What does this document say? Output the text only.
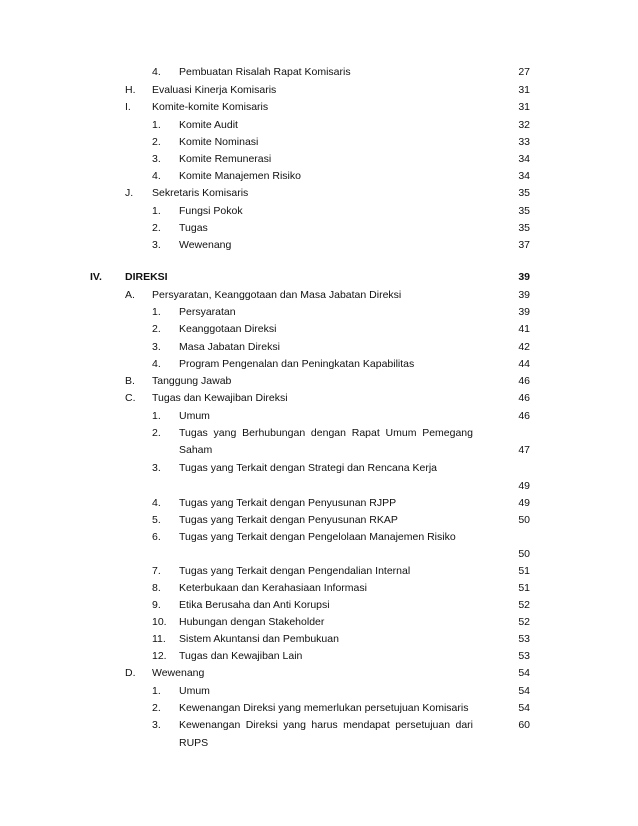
4. Pembuatan Risalah Rapat Komisaris	27
H. Evaluasi Kinerja Komisaris	31
I. Komite-komite Komisaris	31
1. Komite Audit	32
2. Komite Nominasi	33
3. Komite Remunerasi	34
4. Komite Manajemen Risiko	34
J. Sekretaris Komisaris	35
1. Fungsi Pokok	35
2. Tugas	35
3. Wewenang	37
IV. DIREKSI	39
A. Persyaratan, Keanggotaan dan Masa Jabatan Direksi	39
1. Persyaratan	39
2. Keanggotaan Direksi	41
3. Masa Jabatan Direksi	42
4. Program Pengenalan dan Peningkatan Kapabilitas	44
B. Tanggung Jawab	46
C. Tugas dan Kewajiban Direksi	46
1. Umum	46
2. Tugas yang Berhubungan dengan Rapat Umum Pemegang
Saham	47
3. Tugas yang Terkait dengan Strategi dan Rencana Kerja
49
4. Tugas yang Terkait dengan Penyusunan RJPP	49
5. Tugas yang Terkait dengan Penyusunan RKAP	50
6. Tugas yang Terkait dengan Pengelolaan Manajemen Risiko
50
7. Tugas yang Terkait dengan Pengendalian Internal	51
8. Keterbukaan dan Kerahasiaan Informasi	51
9. Etika Berusaha dan Anti Korupsi	52
10. Hubungan dengan Stakeholder	52
11. Sistem Akuntansi dan Pembukuan	53
12. Tugas dan Kewajiban Lain	53
D. Wewenang	54
1. Umum	54
2. Kewenangan Direksi yang memerlukan persetujuan Komisaris	54
3. Kewenangan Direksi yang harus mendapat persetujuan dari	60
RUPS
